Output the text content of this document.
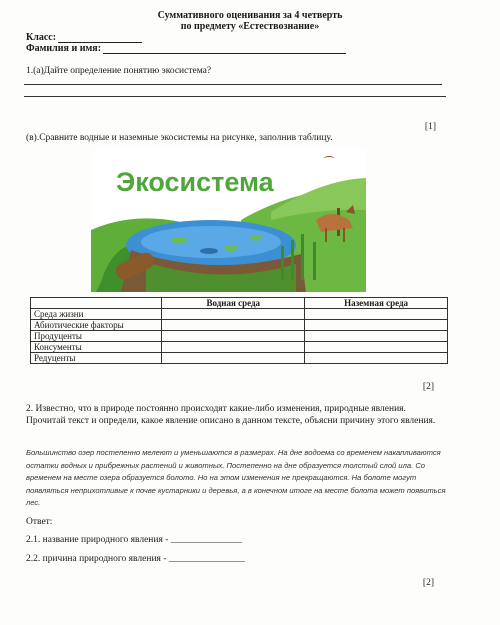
Суммативного оценивания за 4 четверть
по предмету «Естествознание»
Класс:
Фамилия и имя:
1.(а)Дайте определение понятию экосистема?
[1]
(в).Сравните водные и наземные экосистемы на рисунке, заполнив таблицу.
Экосистема
	Водная среда	Наземная среда
Среда жизни		
Абиотические факторы		
Продуценты		
Консументы		
Редуценты		
[2]
2. Известно, что в природе постоянно происходят какие-либо изменения, природные явления. Прочитай текст и определи, какое явление описано в данном тексте, объясни причину этого явления.
Большинство озер постепенно мелеют и уменьшаются в размерах. На дне водоема со временем накапливаются остатки водных и прибрежных растений и животных. Постепенно на дне образуется толстый слой ила. Со временем на месте озера образуется болото. Но на этом изменения не прекращаются. На болоте могут появляться неприхотливые к почве кустарники и деревья, а в конечном итоге на месте болота может появиться лес.
Ответ:
2.1. название природного явления - _______________
2.2. причина природного явления - ________________
[2]
